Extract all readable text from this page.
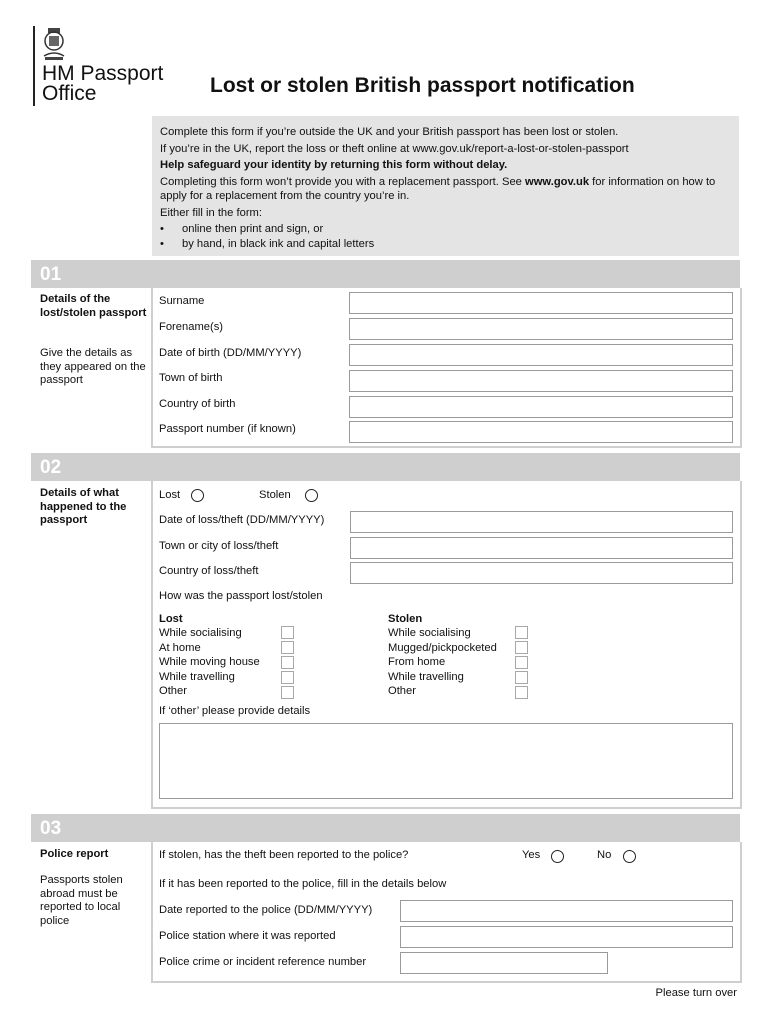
HM Passport
Office	Lost or stolen British passport notification

Complete this form if you’re outside the UK and your British passport has been lost or stolen.

If you’re in the UK, report the loss or theft online at www.gov.uk/report-a-lost-or-stolen-passport

Help safeguard your identity by returning this form without delay.

Completing this form won’t provide you with a replacement passport. See www.gov.uk for information on how to apply for a replacement from the country you’re in.

Either fill in the form:

• online then print and sign, or
• by hand, in black ink and capital letters
01
Details of the lost/stolen passport
Give the details as they appeared on the passport
Surname
Forename(s)
Date of birth (DD/MM/YYYY)
Town of birth
Country of birth
Passport number (if known)
02
Details of what happened to the passport
Lost	Stolen
Date of loss/theft (DD/MM/YYYY)
Town or city of loss/theft
Country of loss/theft
How was the passport lost/stolen
Lost
While socialising
At home
While moving house
While travelling
Other
Stolen
While socialising
Mugged/pickpocketed
From home
While travelling
Other
If ‘other’ please provide details
03
Police report
Passports stolen abroad must be reported to local police
If stolen, has the theft been reported to the police?	Yes	No
If it has been reported to the police, fill in the details below
Date reported to the police (DD/MM/YYYY)
Police station where it was reported
Police crime or incident reference number
Please turn over
